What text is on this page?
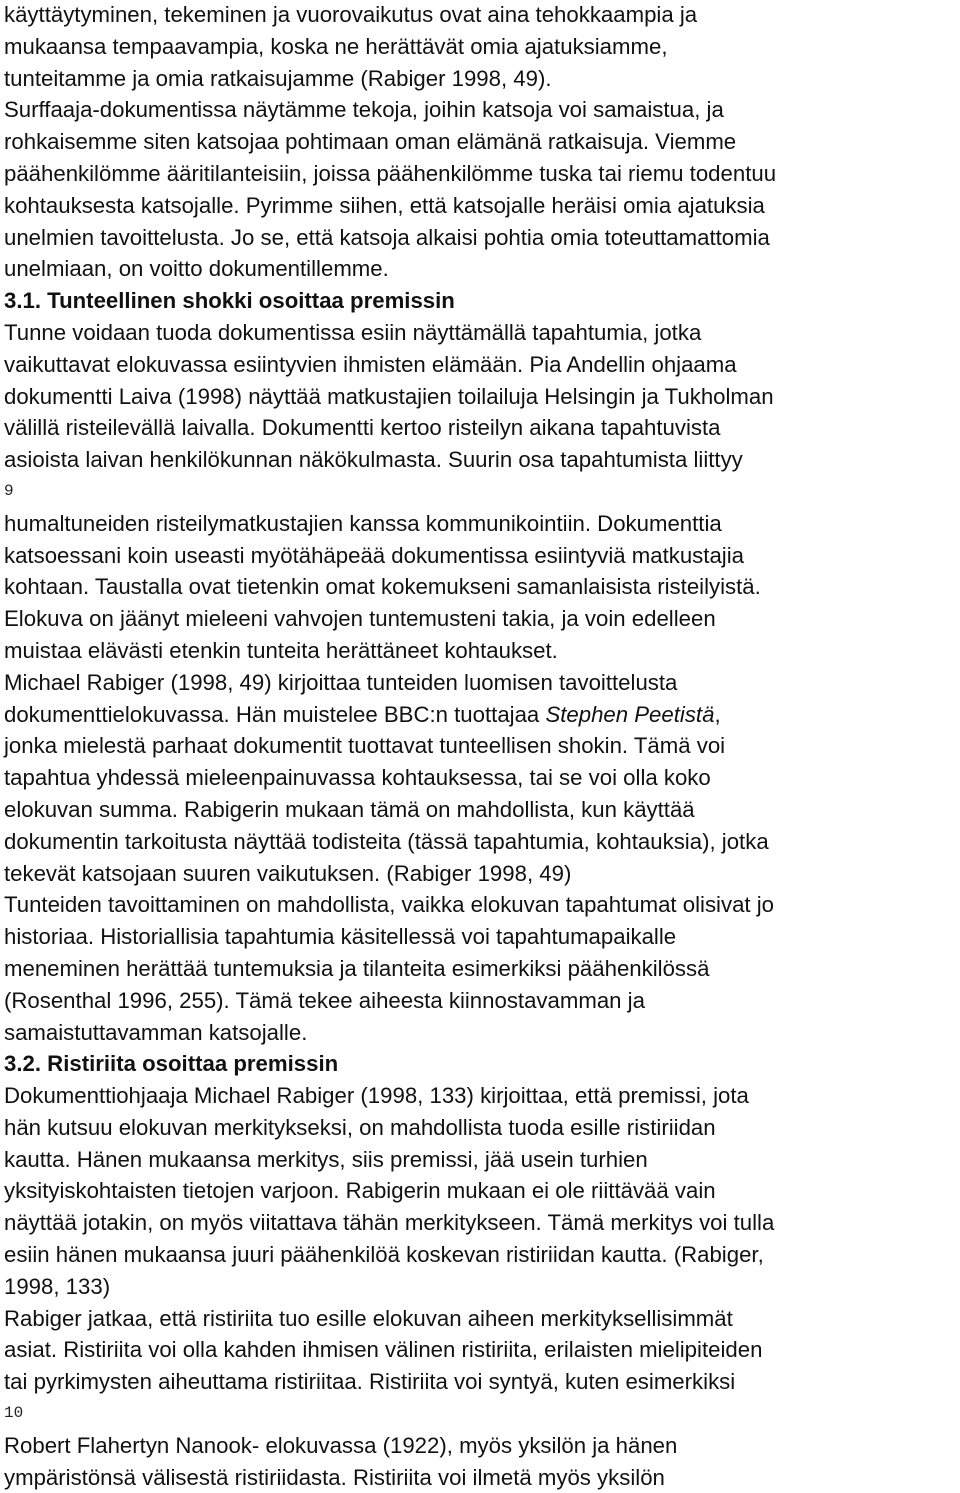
käyttäytyminen, tekeminen ja vuorovaikutus ovat aina tehokkaampia ja
mukaansa tempaavampia, koska ne herättävät omia ajatuksiamme,
tunteitamme ja omia ratkaisujamme (Rabiger 1998, 49).
Surffaaja-dokumentissa näytämme tekoja, joihin katsoja voi samaistua, ja
rohkaisemme siten katsojaa pohtimaan oman elämänä ratkaisuja. Viemme
päähenkilömme ääritilanteisiin, joissa päähenkilömme tuska tai riemu todentuu
kohtauksesta katsojalle. Pyrimme siihen, että katsojalle heräisi omia ajatuksia
unelmien tavoittelusta. Jo se, että katsoja alkaisi pohtia omia toteuttamattomia
unelmiaan, on voitto dokumentillemme.
3.1. Tunteellinen shokki osoittaa premissin
Tunne voidaan tuoda dokumentissa esiin näyttämällä tapahtumia, jotka
vaikuttavat elokuvassa esiintyvien ihmisten elämään. Pia Andellin ohjaama
dokumentti Laiva (1998) näyttää matkustajien toilailuja Helsingin ja Tukholman
välillä risteilevällä laivalla. Dokumentti kertoo risteilyn aikana tapahtuvista
asioista laivan henkilökunnan näkökulmasta. Suurin osa tapahtumista liittyy
9
humaltuneiden risteilymatkustajien kanssa kommunikointiin. Dokumenttia
katsoessani koin useasti myötähäpeää dokumentissa esiintyviä matkustajia
kohtaan. Taustalla ovat tietenkin omat kokemukseni samanlaisista risteilyistä.
Elokuva on jäänyt mieleeni vahvojen tuntemusteni takia, ja voin edelleen
muistaa elävästi etenkin tunteita herättäneet kohtaukset.
Michael Rabiger (1998, 49) kirjoittaa tunteiden luomisen tavoittelusta
dokumenttielokuvassa. Hän muistelee BBC:n tuottajaa Stephen Peetistä,
jonka mielestä parhaat dokumentit tuottavat tunteellisen shokin. Tämä voi
tapahtua yhdessä mieleenpainuvassa kohtauksessa, tai se voi olla koko
elokuvan summa. Rabigerin mukaan tämä on mahdollista, kun käyttää
dokumentin tarkoitusta näyttää todisteita (tässä tapahtumia, kohtauksia), jotka
tekevät katsojaan suuren vaikutuksen. (Rabiger 1998, 49)
Tunteiden tavoittaminen on mahdollista, vaikka elokuvan tapahtumat olisivat jo
historiaa. Historiallisia tapahtumia käsitellessä voi tapahtumapaikalle
meneminen herättää tuntemuksia ja tilanteita esimerkiksi päähenkilössä
(Rosenthal 1996, 255). Tämä tekee aiheesta kiinnostavamman ja
samaistuttavamman katsojalle.
3.2. Ristiriita osoittaa premissin
Dokumenttiohjaaja Michael Rabiger (1998, 133) kirjoittaa, että premissi, jota
hän kutsuu elokuvan merkitykseksi, on mahdollista tuoda esille ristiriidan
kautta. Hänen mukaansa merkitys, siis premissi, jää usein turhien
yksityiskohtaisten tietojen varjoon. Rabigerin mukaan ei ole riittävää vain
näyttää jotakin, on myös viitattava tähän merkitykseen. Tämä merkitys voi tulla
esiin hänen mukaansa juuri päähenkilöä koskevan ristiriidan kautta. (Rabiger,
1998, 133)
Rabiger jatkaa, että ristiriita tuo esille elokuvan aiheen merkityksellisimmät
asiat. Ristiriita voi olla kahden ihmisen välinen ristiriita, erilaisten mielipiteiden
tai pyrkimysten aiheuttama ristiriitaa. Ristiriita voi syntyä, kuten esimerkiksi
10
Robert Flahertyn Nanook- elokuvassa (1922), myös yksilön ja hänen
ympäristönsä välisestä ristiriidasta. Ristiriita voi ilmetä myös yksilön
